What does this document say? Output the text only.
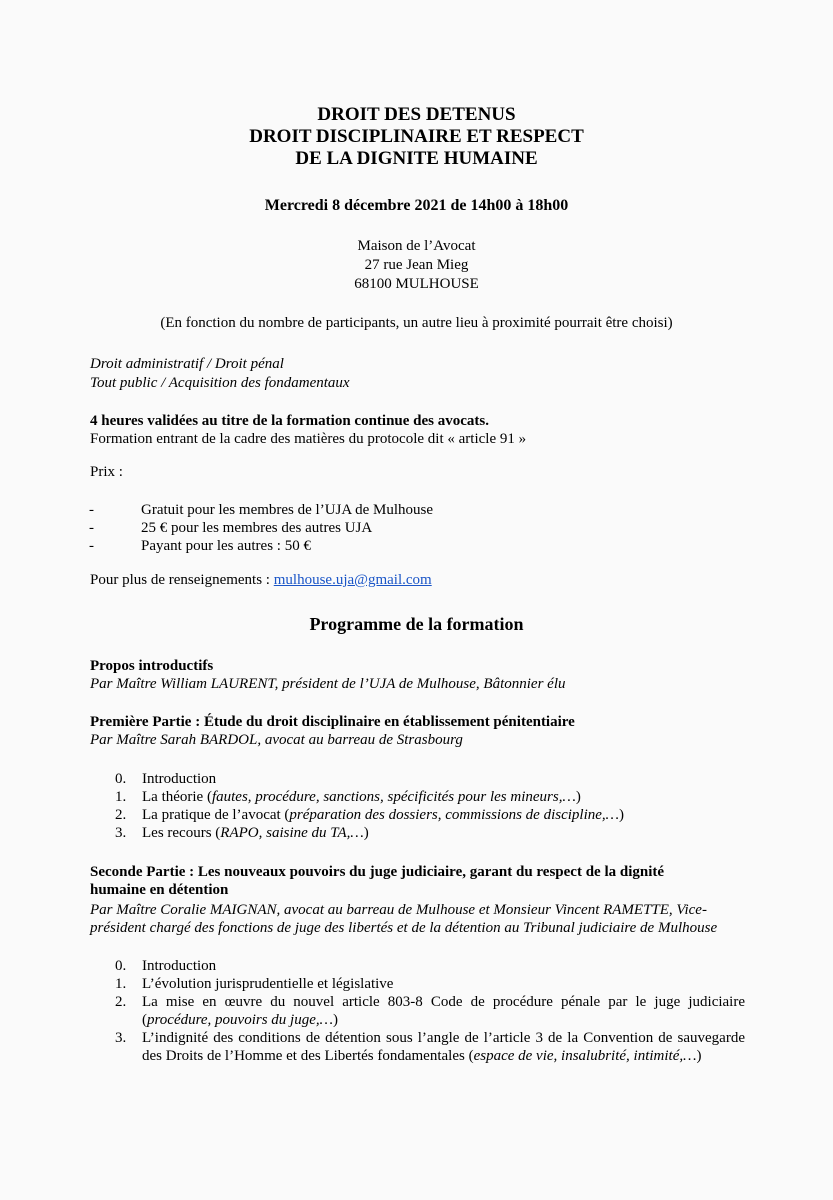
DROIT DES DETENUS
DROIT DISCIPLINAIRE ET RESPECT
DE LA DIGNITE HUMAINE
Mercredi 8 décembre 2021 de 14h00 à 18h00
Maison de l’Avocat
27 rue Jean Mieg
68100 MULHOUSE
(En fonction du nombre de participants, un autre lieu à proximité pourrait être choisi)
Droit administratif / Droit pénal
Tout public / Acquisition des fondamentaux
4 heures validées au titre de la formation continue des avocats.
Formation entrant de la cadre des matières du protocole dit « article 91 »
Prix :
-	Gratuit pour les membres de l’UJA de Mulhouse
-	25 € pour les membres des autres UJA
-	Payant pour les autres : 50 €
Pour plus de renseignements : mulhouse.uja@gmail.com
Programme de la formation
Propos introductifs
Par Maître William LAURENT, président de l’UJA de Mulhouse, Bâtonnier élu
Première Partie : Étude du droit disciplinaire en établissement pénitentiaire
Par Maître Sarah BARDOL, avocat au barreau de Strasbourg
0. Introduction
1. La théorie (fautes, procédure, sanctions, spécificités pour les mineurs,…)
2. La pratique de l’avocat (préparation des dossiers, commissions de discipline,…)
3. Les recours (RAPO, saisine du TA,…)
Seconde Partie : Les nouveaux pouvoirs du juge judiciaire, garant du respect de la dignité
humaine en détention
Par Maître Coralie MAIGNAN, avocat au barreau de Mulhouse et Monsieur Vincent RAMETTE, Vice-
président chargé des fonctions de juge des libertés et de la détention au Tribunal judiciaire de Mulhouse
0. Introduction
1. L’évolution jurisprudentielle et législative
2. La mise en œuvre du nouvel article 803-8 Code de procédure pénale par le juge judiciaire (procédure, pouvoirs du juge,…)
3. L’indignité des conditions de détention sous l’angle de l’article 3 de la Convention de sauvegarde des Droits de l’Homme et des Libertés fondamentales (espace de vie, insalubrité, intimité,…)
